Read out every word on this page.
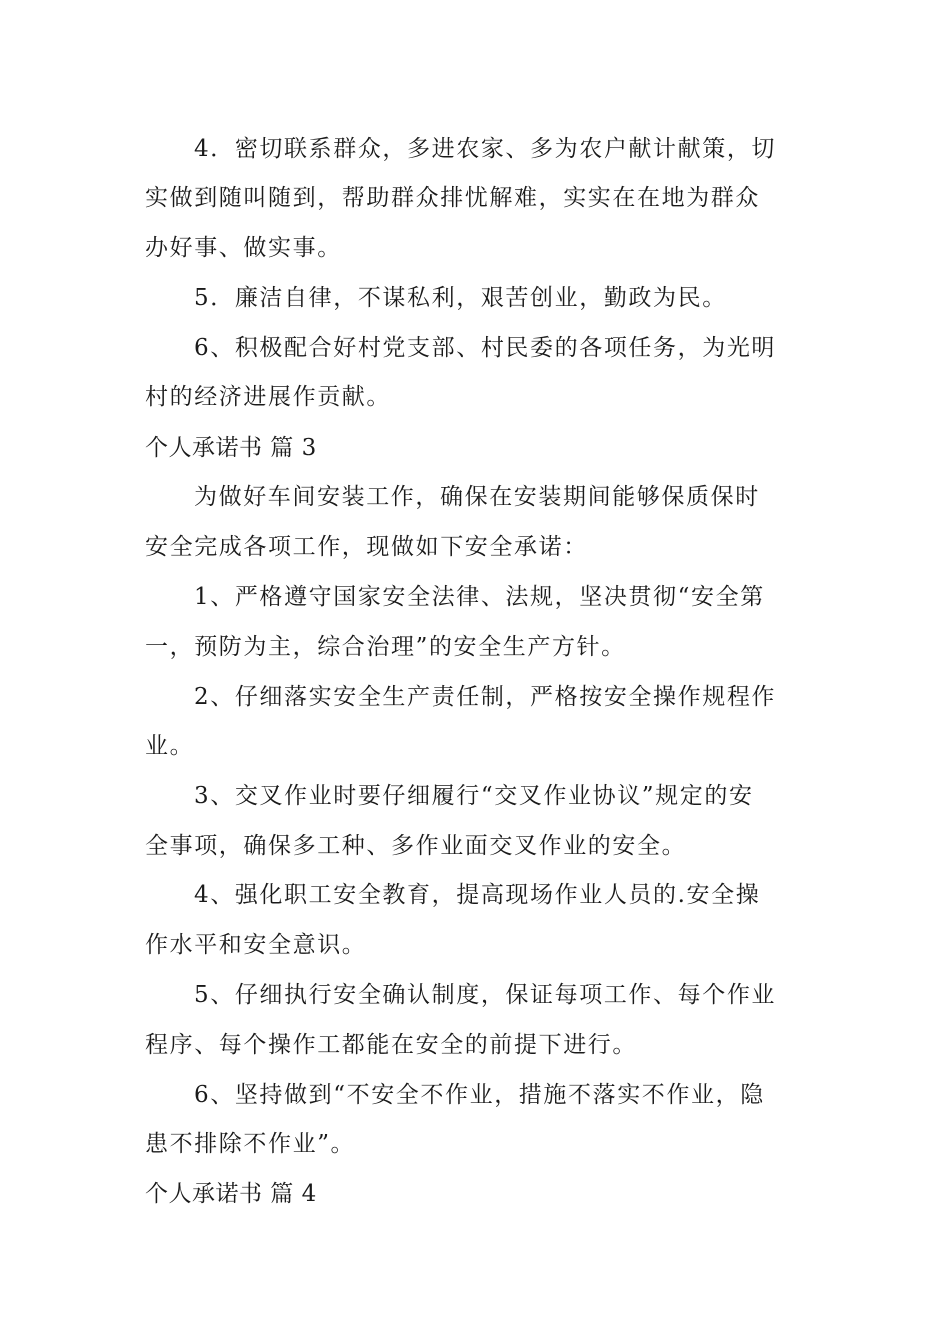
4．密切联系群众，多进农家、多为农户献计献策，切
实做到随叫随到，帮助群众排忧解难，实实在在地为群众
办好事、做实事。
5．廉洁自律，不谋私利，艰苦创业，勤政为民。
6、积极配合好村党支部、村民委的各项任务，为光明
村的经济进展作贡献。
个人承诺书 篇 3
为做好车间安装工作，确保在安装期间能够保质保时
安全完成各项工作，现做如下安全承诺：
1、严格遵守国家安全法律、法规，坚决贯彻“安全第
一，预防为主，综合治理”的安全生产方针。
2、仔细落实安全生产责任制，严格按安全操作规程作
业。
3、交叉作业时要仔细履行“交叉作业协议”规定的安
全事项，确保多工种、多作业面交叉作业的安全。
4、强化职工安全教育，提高现场作业人员的.安全操
作水平和安全意识。
5、仔细执行安全确认制度，保证每项工作、每个作业
程序、每个操作工都能在安全的前提下进行。
6、坚持做到“不安全不作业，措施不落实不作业，隐
患不排除不作业”。
个人承诺书 篇 4
